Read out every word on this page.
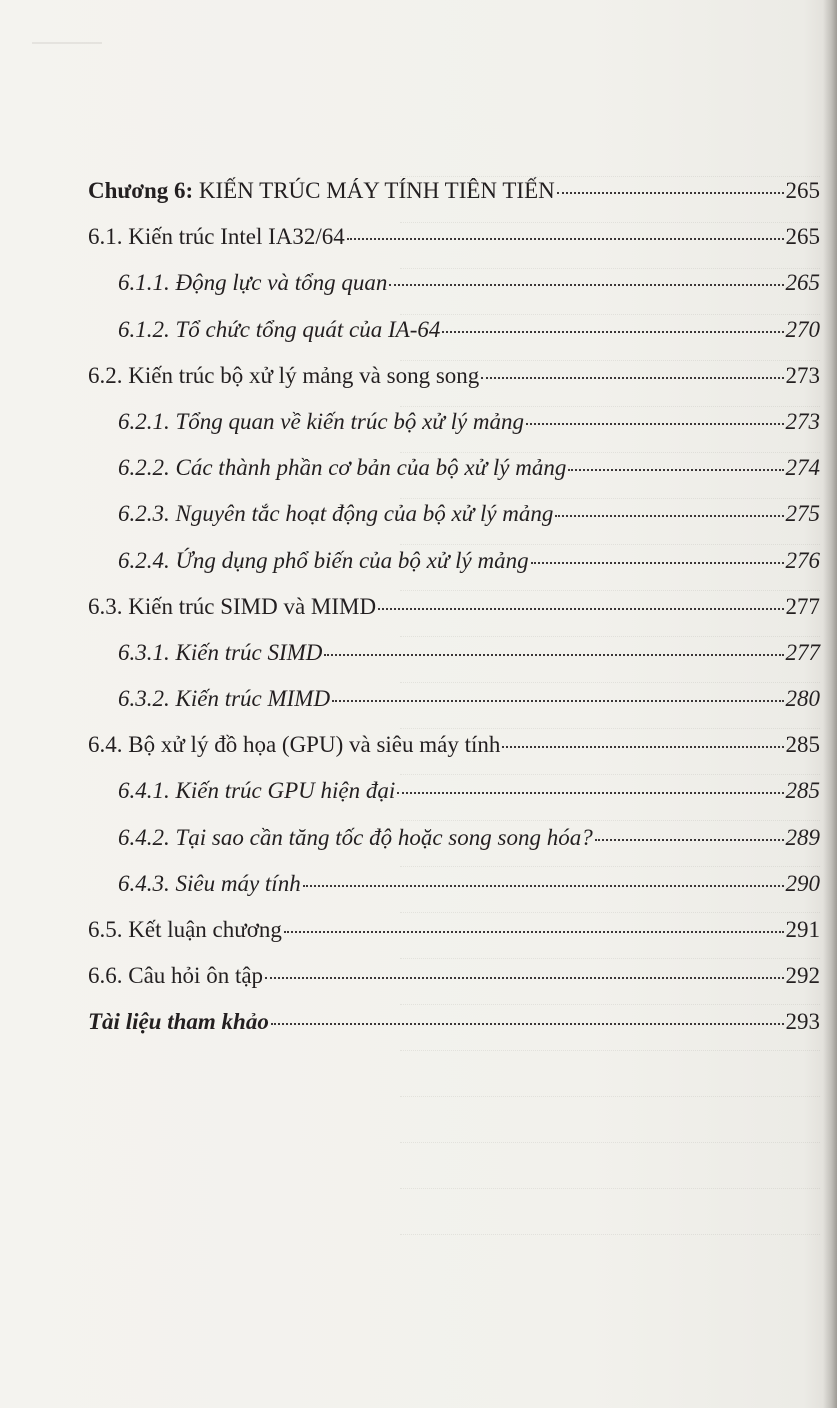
Chương 6: KIẾN TRÚC MÁY TÍNH TIÊN TIẾN	265
6.1. Kiến trúc Intel IA32/64	265
6.1.1. Động lực và tổng quan	265
6.1.2. Tổ chức tổng quát của IA-64	270
6.2. Kiến trúc bộ xử lý mảng và song song	273
6.2.1. Tổng quan về kiến trúc bộ xử lý mảng	273
6.2.2. Các thành phần cơ bản của bộ xử lý mảng	274
6.2.3. Nguyên tắc hoạt động của bộ xử lý mảng	275
6.2.4. Ứng dụng phổ biến của bộ xử lý mảng	276
6.3. Kiến trúc SIMD và MIMD	277
6.3.1. Kiến trúc SIMD	277
6.3.2. Kiến trúc MIMD	280
6.4. Bộ xử lý đồ họa (GPU) và siêu máy tính	285
6.4.1. Kiến trúc GPU hiện đại	285
6.4.2. Tại sao cần tăng tốc độ hoặc song song hóa?	289
6.4.3. Siêu máy tính	290
6.5. Kết luận chương	291
6.6. Câu hỏi ôn tập	292
Tài liệu tham khảo	293
